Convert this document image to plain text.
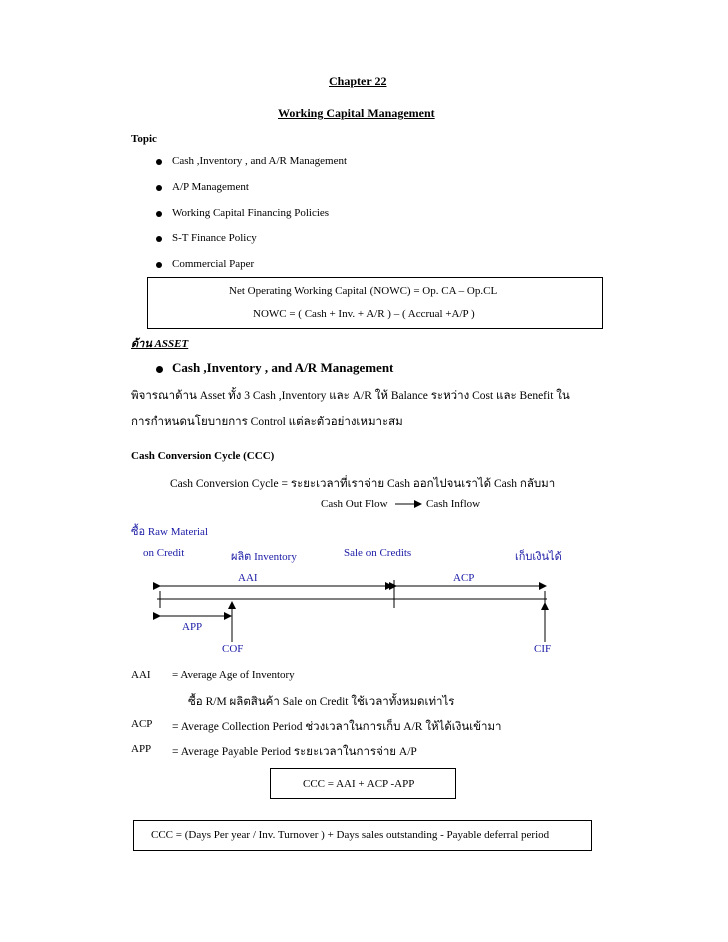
Chapter 22
Working Capital Management
Topic
Cash ,Inventory , and A/R Management
A/P Management
Working Capital Financing Policies
S-T Finance Policy
Commercial Paper
Net Operating Working Capital (NOWC) = Op. CA – Op.CL
NOWC = ( Cash + Inv. + A/R ) – ( Accrual +A/P )
ด้าน ASSET
Cash ,Inventory , and A/R Management
พิจารณาด้าน Asset ทั้ง 3 Cash ,Inventory และ A/R ให้ Balance ระหว่าง Cost และ Benefit ใน
การกำหนดนโยบายการ Control แต่ละตัวอย่างเหมาะสม
Cash Conversion Cycle (CCC)
Cash Conversion Cycle = ระยะเวลาที่เราจ่าย Cash ออกไปจนเราได้ Cash กลับมา
Cash Out Flow	Cash Inflow
ซื้อ Raw Material
on Credit	ผลิต Inventory	Sale on Credits	เก็บเงินได้
AAI	ACP
APP
COF	CIF
AAI = Average Age of Inventory
ซื้อ R/M ผลิตสินค้า Sale on Credit ใช้เวลาทั้งหมดเท่าไร
ACP = Average Collection Period ช่วงเวลาในการเก็บ A/R ให้ได้เงินเข้ามา
APP = Average Payable Period ระยะเวลาในการจ่าย A/P
CCC = AAI + ACP -APP
CCC = (Days Per year / Inv. Turnover ) + Days sales outstanding - Payable deferral period
